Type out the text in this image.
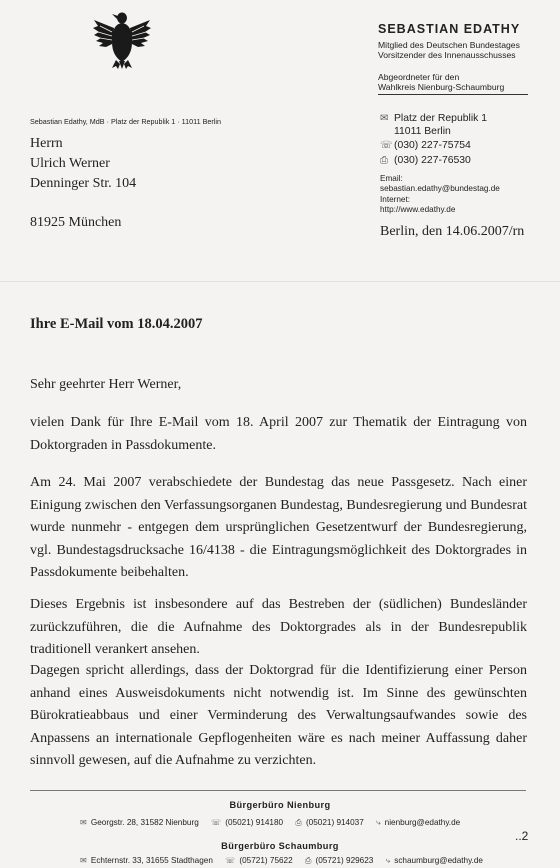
SEBASTIAN EDATHY
Mitglied des Deutschen Bundestages
Vorsitzender des Innenausschusses
Abgeordneter für den
Wahlkreis Nienburg-Schaumburg
Sebastian Edathy, MdB · Platz der Republik 1 · 11011 Berlin
Herrn
Ulrich Werner
Denninger Str. 104
81925 München
✉ Platz der Republik 1
11011 Berlin
☏(030) 227-75754
⎙ (030) 227-76530
Email:
sebastian.edathy@bundestag.de
Internet:
http://www.edathy.de
Berlin, den 14.06.2007/rn
Ihre E-Mail vom 18.04.2007
Sehr geehrter Herr Werner,
vielen Dank für Ihre E-Mail vom 18. April 2007 zur Thematik der Eintragung von Doktorgraden in Passdokumente.
Am 24. Mai 2007 verabschiedete der Bundestag das neue Passgesetz. Nach einer Einigung zwischen den Verfassungsorganen Bundestag, Bundesregierung und Bundesrat wurde nunmehr - entgegen dem ursprünglichen Gesetzentwurf der Bundesregierung, vgl. Bundestagsdrucksache 16/4138 - die Eintragungsmöglichkeit des Doktorgrades in Passdokumente beibehalten.
Dieses Ergebnis ist insbesondere auf das Bestreben der (südlichen) Bundesländer zurückzuführen, die die Aufnahme des Doktorgrades als in der Bundesrepublik traditionell verankert ansehen.
Dagegen spricht allerdings, dass der Doktorgrad für die Identifizierung einer Person anhand eines Ausweisdokuments nicht notwendig ist. Im Sinne des gewünschten Bürokratieabbaus und einer Verminderung des Verwaltungsaufwandes sowie des Anpassens an internationale Gepflogenheiten wäre es nach meiner Auffassung daher sinnvoll gewesen, auf die Aufnahme zu verzichten.
Bürgerbüro Nienburg
✉ Georgstr. 28, 31582 Nienburg ☏ (05021) 914180 ⎙ (05021) 914037 ⤷ nienburg@edathy.de
Bürgerbüro Schaumburg
✉ Echternstr. 33, 31655 Stadthagen ☏ (05721) 75622 ⎙ (05721) 929623 ⤷ schaumburg@edathy.de
..2
